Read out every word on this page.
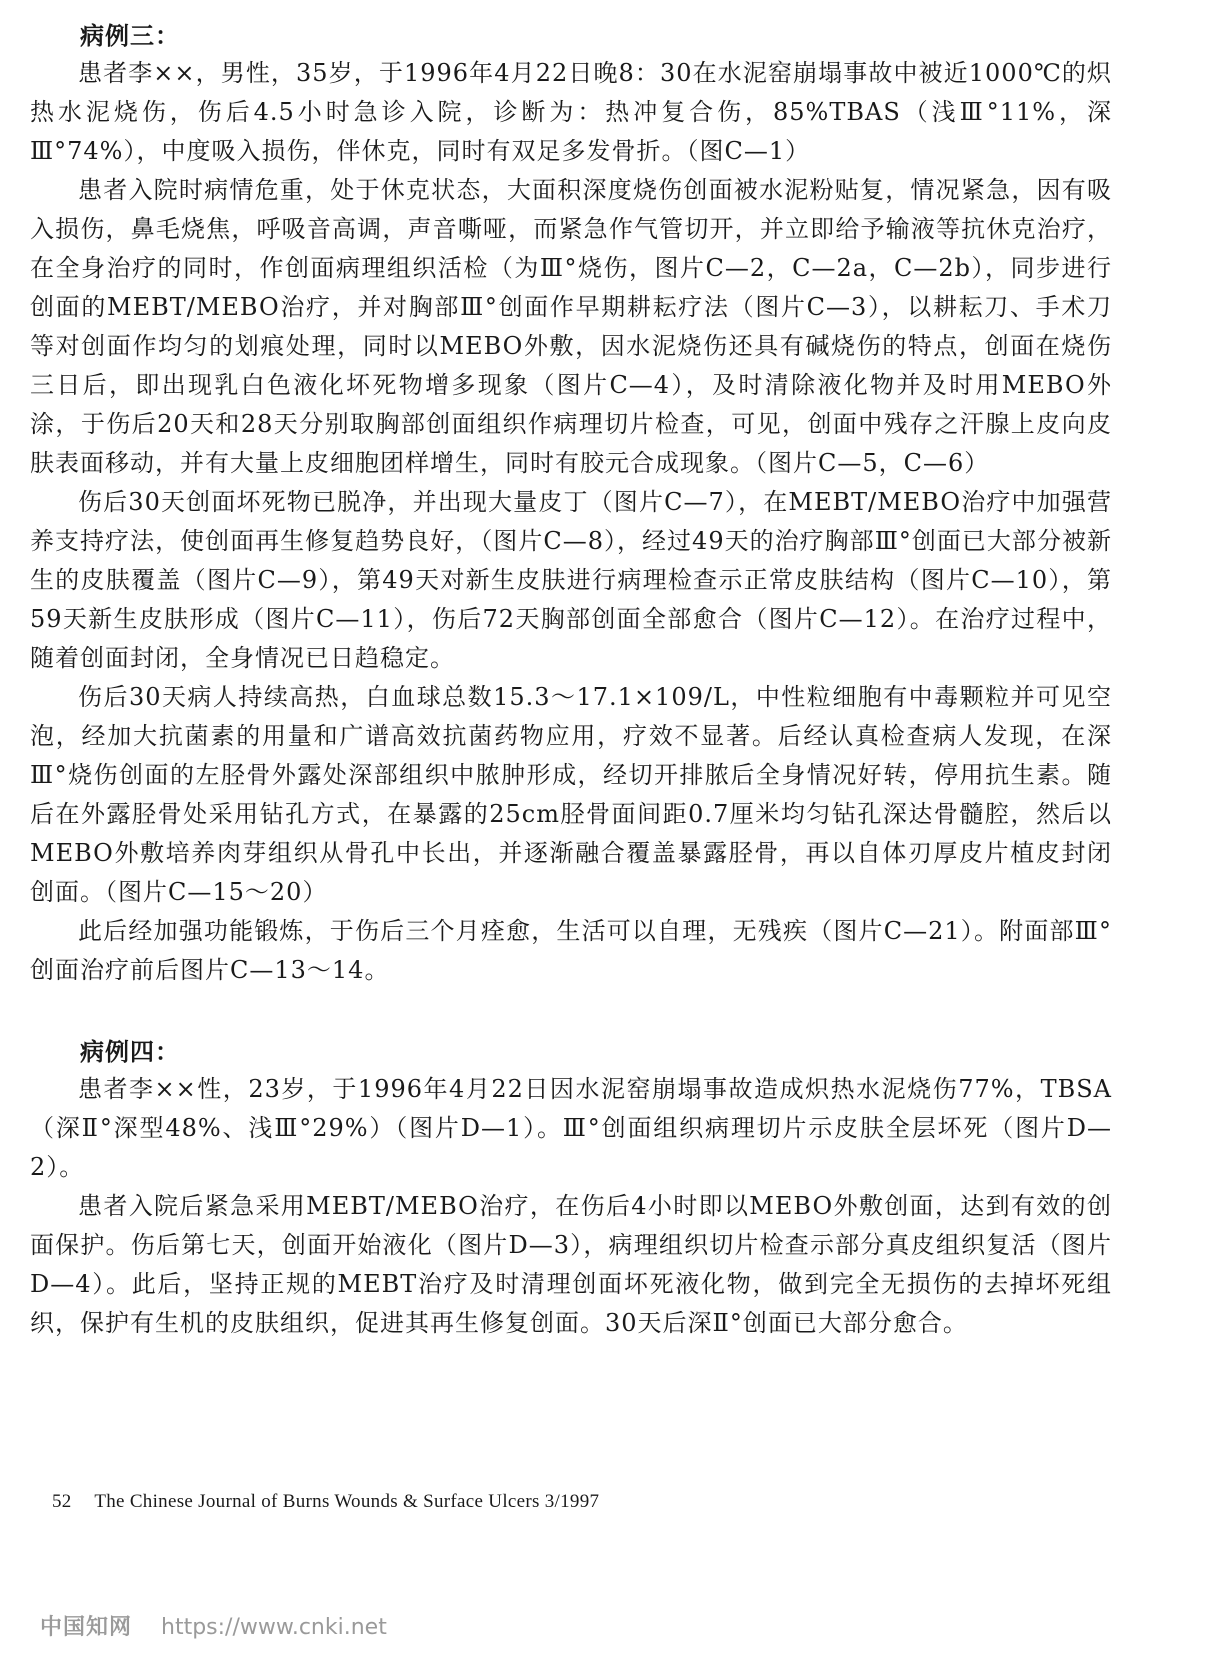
病例三：

患者李××，男性，35岁，于1996年4月22日晚8：30在水泥窑崩塌事故中被近1000℃的炽热水泥烧伤，伤后4.5小时急诊入院，诊断为：热冲复合伤，85%TBAS（浅Ⅲ°11%，深Ⅲ°74%），中度吸入损伤，伴休克，同时有双足多发骨折。（图C—1）

患者入院时病情危重，处于休克状态，大面积深度烧伤创面被水泥粉贴复，情况紧急，因有吸入损伤，鼻毛烧焦，呼吸音高调，声音嘶哑，而紧急作气管切开，并立即给予输液等抗休克治疗，在全身治疗的同时，作创面病理组织活检（为Ⅲ°烧伤，图片C—2，C—2a，C—2b），同步进行创面的MEBT/MEBO治疗，并对胸部Ⅲ°创面作早期耕耘疗法（图片C—3），以耕耘刀、手术刀等对创面作均匀的划痕处理，同时以MEBO外敷，因水泥烧伤还具有碱烧伤的特点，创面在烧伤三日后，即出现乳白色液化坏死物增多现象（图片C—4），及时清除液化物并及时用MEBO外涂，于伤后20天和28天分别取胸部创面组织作病理切片检查，可见，创面中残存之汗腺上皮向皮肤表面移动，并有大量上皮细胞团样增生，同时有胶元合成现象。（图片C—5，C—6）

伤后30天创面坏死物已脱净，并出现大量皮丁（图片C—7），在MEBT/MEBO治疗中加强营养支持疗法，使创面再生修复趋势良好，（图片C—8），经过49天的治疗胸部Ⅲ°创面已大部分被新生的皮肤覆盖（图片C—9），第49天对新生皮肤进行病理检查示正常皮肤结构（图片C—10），第59天新生皮肤形成（图片C—11），伤后72天胸部创面全部愈合（图片C—12）。在治疗过程中，随着创面封闭，全身情况已日趋稳定。

伤后30天病人持续高热，白血球总数15.3～17.1×109/L，中性粒细胞有中毒颗粒并可见空泡，经加大抗菌素的用量和广谱高效抗菌药物应用，疗效不显著。后经认真检查病人发现，在深Ⅲ°烧伤创面的左胫骨外露处深部组织中脓肿形成，经切开排脓后全身情况好转，停用抗生素。随后在外露胫骨处采用钻孔方式，在暴露的25cm胫骨面间距0.7厘米均匀钻孔深达骨髓腔，然后以MEBO外敷培养肉芽组织从骨孔中长出，并逐渐融合覆盖暴露胫骨，再以自体刃厚皮片植皮封闭创面。（图片C—15～20）

此后经加强功能锻炼，于伤后三个月痊愈，生活可以自理，无残疾（图片C—21）。附面部Ⅲ°创面治疗前后图片C—13～14。

病例四：

患者李××性，23岁，于1996年4月22日因水泥窑崩塌事故造成炽热水泥烧伤77%，TBSA（深Ⅱ°深型48%、浅Ⅲ°29%）（图片D—1）。Ⅲ°创面组织病理切片示皮肤全层坏死（图片D—2）。

患者入院后紧急采用MEBT/MEBO治疗，在伤后4小时即以MEBO外敷创面，达到有效的创面保护。伤后第七天，创面开始液化（图片D—3），病理组织切片检查示部分真皮组织复活（图片D—4）。此后，坚持正规的MEBT治疗及时清理创面坏死液化物，做到完全无损伤的去掉坏死组织，保护有生机的皮肤组织，促进其再生修复创面。30天后深Ⅱ°创面已大部分愈合。

52 The Chinese Journal of Burns Wounds & Surface Ulcers 3/1997
中国知网 https://www.cnki.net
